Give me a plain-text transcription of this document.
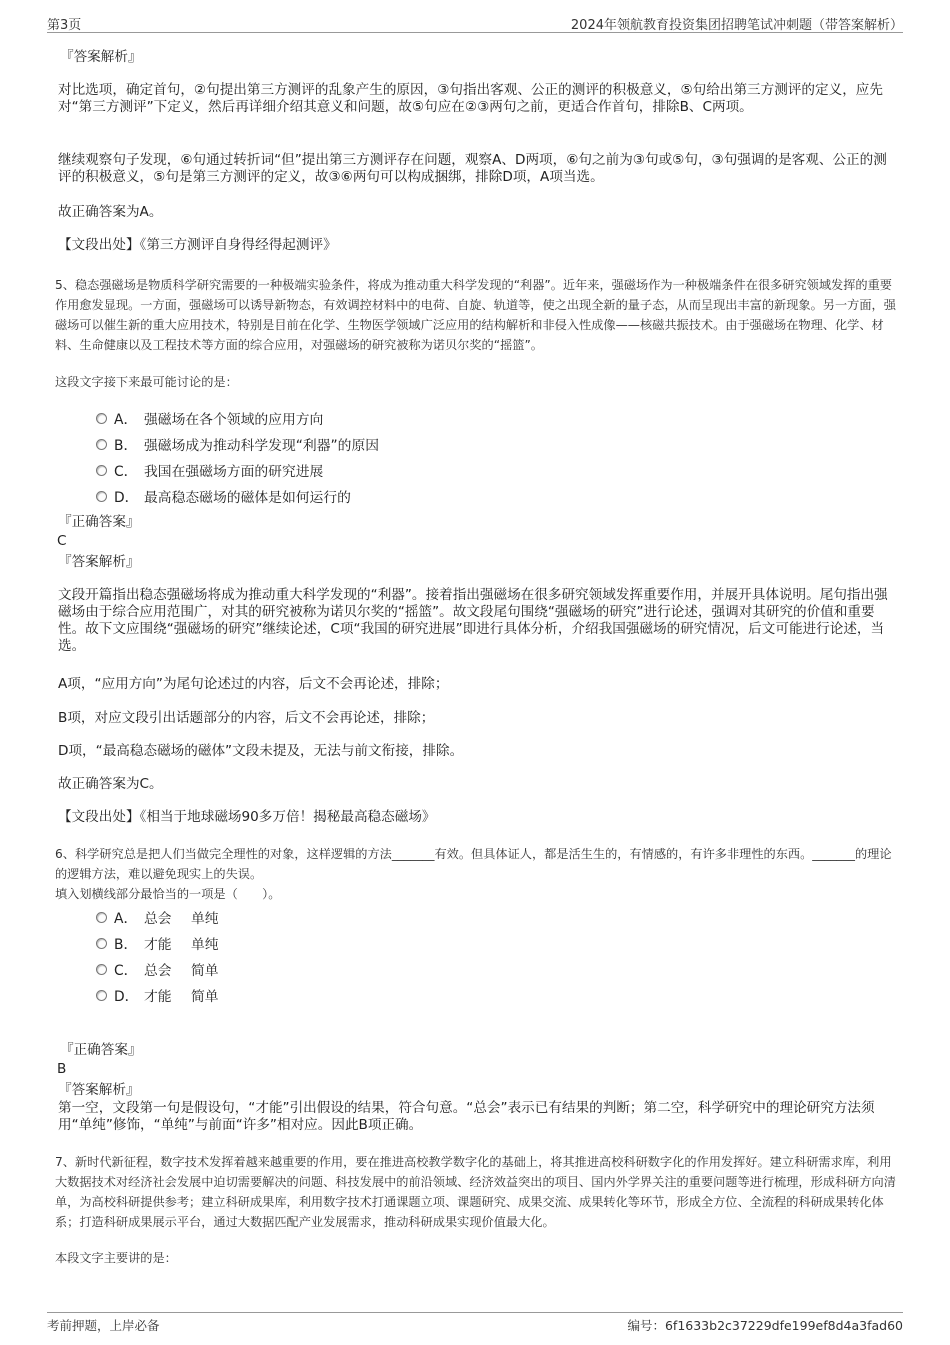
第3页	2024年领航教育投资集团招聘笔试冲刺题（带答案解析）
『答案解析』
对比选项，确定首句，②句提出第三方测评的乱象产生的原因，③句指出客观、公正的测评的积极意义，⑤句给出第三方测评的定义，应先对“第三方测评”下定义，然后再详细介绍其意义和问题，故⑤句应在②③两句之前，更适合作首句，排除B、C两项。
继续观察句子发现，⑥句通过转折词“但”提出第三方测评存在问题，观察A、D两项，⑥句之前为③句或⑤句，③句强调的是客观、公正的测评的积极意义，⑤句是第三方测评的定义，故③⑥两句可以构成捆绑，排除D项，A项当选。
故正确答案为A。
【文段出处】《第三方测评自身得经得起测评》
5、稳态强磁场是物质科学研究需要的一种极端实验条件，将成为推动重大科学发现的“利器”。近年来，强磁场作为一种极端条件在很多研究领域发挥的重要作用愈发显现。一方面，强磁场可以诱导新物态，有效调控材料中的电荷、自旋、轨道等，使之出现全新的量子态，从而呈现出丰富的新现象。另一方面，强磁场可以催生新的重大应用技术，特别是目前在化学、生物医学领域广泛应用的结构解析和非侵入性成像——核磁共振技术。由于强磁场在物理、化学、材料、生命健康以及工程技术等方面的综合应用，对强磁场的研究被称为诺贝尔奖的“摇篮”。
这段文字接下来最可能讨论的是：
A． 强磁场在各个领域的应用方向
B． 强磁场成为推动科学发现“利器”的原因
C． 我国在强磁场方面的研究进展
D． 最高稳态磁场的磁体是如何运行的
『正确答案』
C
『答案解析』
文段开篇指出稳态强磁场将成为推动重大科学发现的“利器”。接着指出强磁场在很多研究领域发挥重要作用，并展开具体说明。尾句指出强磁场由于综合应用范围广，对其的研究被称为诺贝尔奖的“摇篮”。故文段尾句围绕“强磁场的研究”进行论述，强调对其研究的价值和重要性。故下文应围绕“强磁场的研究”继续论述，C项“我国的研究进展”即进行具体分析，介绍我国强磁场的研究情况，后文可能进行论述，当选。
A项，“应用方向”为尾句论述过的内容，后文不会再论述，排除；
B项，对应文段引出话题部分的内容，后文不会再论述，排除；
D项，“最高稳态磁场的磁体”文段未提及，无法与前文衔接，排除。
故正确答案为C。
【文段出处】《相当于地球磁场90多万倍！揭秘最高稳态磁场》
6、科学研究总是把人们当做完全理性的对象，这样逻辑的方法_______有效。但具体证人，都是活生生的，有情感的，有许多非理性的东西。_______的理论的逻辑方法，难以避免现实上的失误。
填入划横线部分最恰当的一项是（　　）。
A． 总会 单纯
B． 才能 单纯
C． 总会 简单
D． 才能 简单
『正确答案』
B
『答案解析』
第一空，文段第一句是假设句，“才能”引出假设的结果，符合句意。“总会”表示已有结果的判断；第二空，科学研究中的理论研究方法须用“单纯”修饰，“单纯”与前面“许多”相对应。因此B项正确。
7、新时代新征程，数字技术发挥着越来越重要的作用，要在推进高校教学数字化的基础上，将其推进高校科研数字化的作用发挥好。建立科研需求库，利用大数据技术对经济社会发展中迫切需要解决的问题、科技发展中的前沿领域、经济效益突出的项目、国内外学界关注的重要问题等进行梳理，形成科研方向清单，为高校科研提供参考；建立科研成果库，利用数字技术打通课题立项、课题研究、成果交流、成果转化等环节，形成全方位、全流程的科研成果转化体系；打造科研成果展示平台，通过大数据匹配产业发展需求，推动科研成果实现价值最大化。
本段文字主要讲的是：
考前押题，上岸必备	编号：6f1633b2c37229dfe199ef8d4a3fad60
